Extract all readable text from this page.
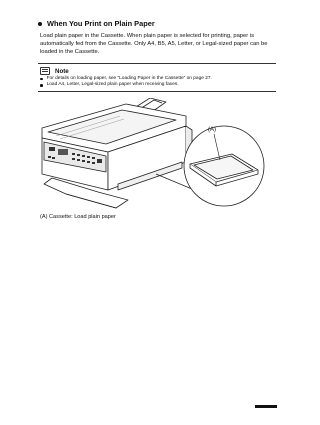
When You Print on Plain Paper

Load plain paper in the Cassette. When plain paper is selected for printing, paper is automatically fed from the Cassette. Only A4, B5, A5, Letter, or Legal-sized paper can be loaded in the Cassette.

Note
For details on loading paper, see “Loading Paper in the Cassette” on page 27.
Load A4, Letter, Legal-sized plain paper when receiving faxes.
(A)
(A) Cassette: Load plain paper
